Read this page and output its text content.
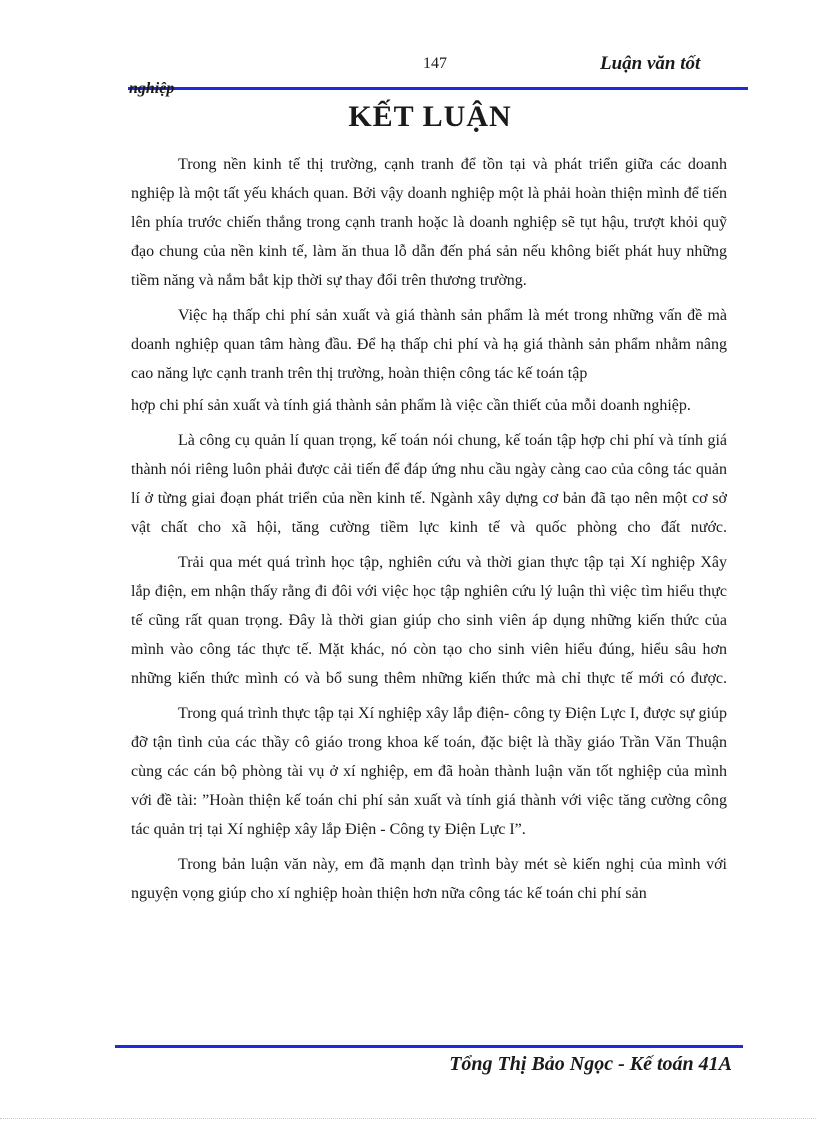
147	Luận văn tốt
nghiệp
KẾT LUẬN

Trong nền kinh tế thị trường, cạnh tranh để tồn tại và phát triển giữa các doanh nghiệp là một tất yếu khách quan. Bởi vậy doanh nghiệp một là phải hoàn thiện mình để tiến lên phía trước chiến thắng trong cạnh tranh hoặc là doanh nghiệp sẽ tụt hậu, trượt khỏi quỹ đạo chung của nền kinh tế, làm ăn thua lỗ dẫn đến phá sản nếu không biết phát huy những tiềm năng và nắm bắt kịp thời sự thay đổi trên thương trường.

Việc hạ thấp chi phí sản xuất và giá thành sản phẩm là mét trong những vấn đề mà doanh nghiệp quan tâm hàng đầu. Để hạ thấp chi phí và hạ giá thành sản phẩm nhằm nâng cao năng lực cạnh tranh trên thị trường, hoàn thiện công tác kế toán tập

hợp chi phí sản xuất và tính giá thành sản phẩm là việc cần thiết của mỗi doanh nghiệp.

Là công cụ quản lí quan trọng, kế toán nói chung, kế toán tập hợp chi phí và tính giá thành nói riêng luôn phải được cải tiến để đáp ứng nhu cầu ngày càng cao của công tác quản lí ở từng giai đoạn phát triển của nền kinh tế. Ngành xây dựng cơ bản đã tạo nên một cơ sở vật chất cho xã hội, tăng cường tiềm lực kinh tế và quốc phòng cho đất nước.

Trải qua mét quá trình học tập, nghiên cứu và thời gian thực tập tại Xí nghiệp Xây lắp điện, em nhận thấy rằng đi đôi với việc học tập nghiên cứu lý luận thì việc tìm hiểu thực tế cũng rất quan trọng. Đây là thời gian giúp cho sinh viên áp dụng những kiến thức của mình vào công tác thực tế. Mặt khác, nó còn tạo cho sinh viên hiểu đúng, hiểu sâu hơn những kiến thức mình có và bổ sung thêm những kiến thức mà chỉ thực tế mới có được.

Trong quá trình thực tập tại Xí nghiệp xây lắp điện- công ty Điện Lực I, được sự giúp đỡ tận tình của các thầy cô giáo trong khoa kế toán, đặc biệt là thầy giáo Trần Văn Thuận cùng các cán bộ phòng tài vụ ở xí nghiệp, em đã hoàn thành luận văn tốt nghiệp của mình với đề tài: ”Hoàn thiện kế toán chi phí sản xuất và tính giá thành với việc tăng cường công tác quản trị tại Xí nghiệp xây lắp Điện - Công ty Điện Lực I”.

Trong bản luận văn này, em đã mạnh dạn trình bày mét sè kiến nghị của mình với nguyện vọng giúp cho xí nghiệp hoàn thiện hơn nữa công tác kế toán chi phí sản

Tổng Thị Bảo Ngọc - Kế toán 41A
